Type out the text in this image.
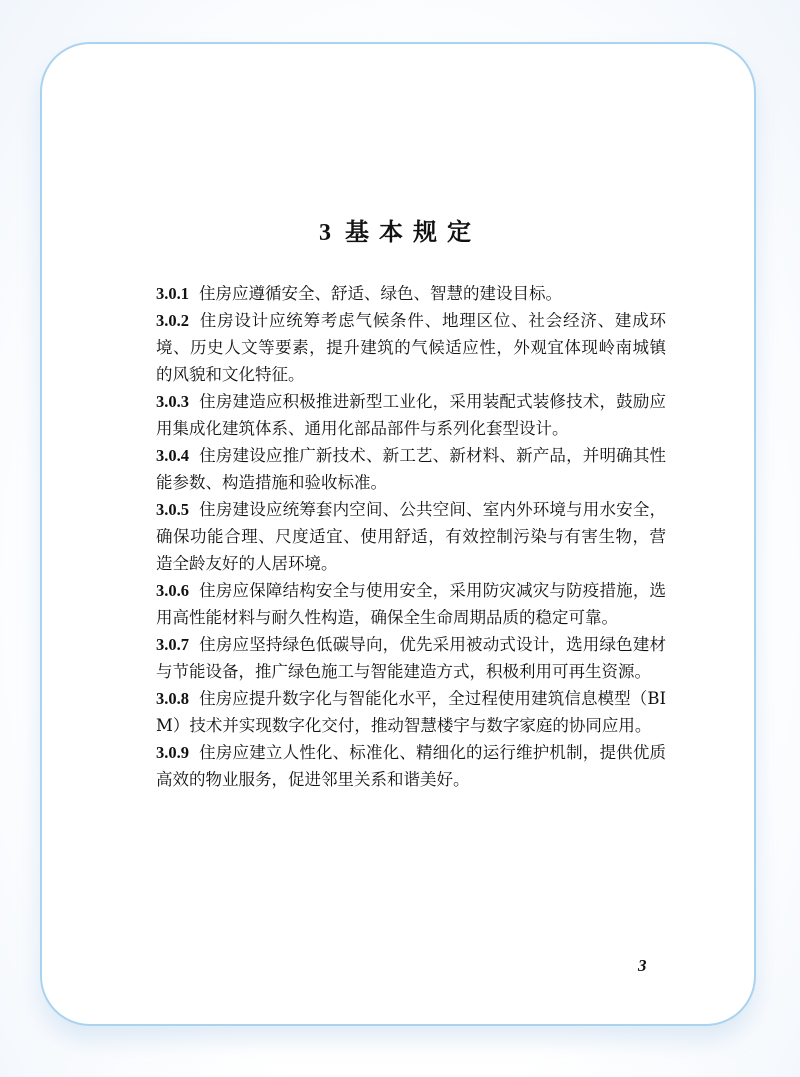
3 基本规定

3.0.1 住房应遵循安全、舒适、绿色、智慧的建设目标。

3.0.2 住房设计应统筹考虑气候条件、地理区位、社会经济、建成环境、历史人文等要素，提升建筑的气候适应性，外观宜体现岭南城镇的风貌和文化特征。

3.0.3 住房建造应积极推进新型工业化，采用装配式装修技术，鼓励应用集成化建筑体系、通用化部品部件与系列化套型设计。

3.0.4 住房建设应推广新技术、新工艺、新材料、新产品，并明确其性能参数、构造措施和验收标准。

3.0.5 住房建设应统筹套内空间、公共空间、室内外环境与用水安全，确保功能合理、尺度适宜、使用舒适，有效控制污染与有害生物，营造全龄友好的人居环境。

3.0.6 住房应保障结构安全与使用安全，采用防灾减灾与防疫措施，选用高性能材料与耐久性构造，确保全生命周期品质的稳定可靠。

3.0.7 住房应坚持绿色低碳导向，优先采用被动式设计，选用绿色建材与节能设备，推广绿色施工与智能建造方式，积极利用可再生资源。

3.0.8 住房应提升数字化与智能化水平，全过程使用建筑信息模型（BIM）技术并实现数字化交付，推动智慧楼宇与数字家庭的协同应用。

3.0.9 住房应建立人性化、标准化、精细化的运行维护机制，提供优质高效的物业服务，促进邻里关系和谐美好。

3
